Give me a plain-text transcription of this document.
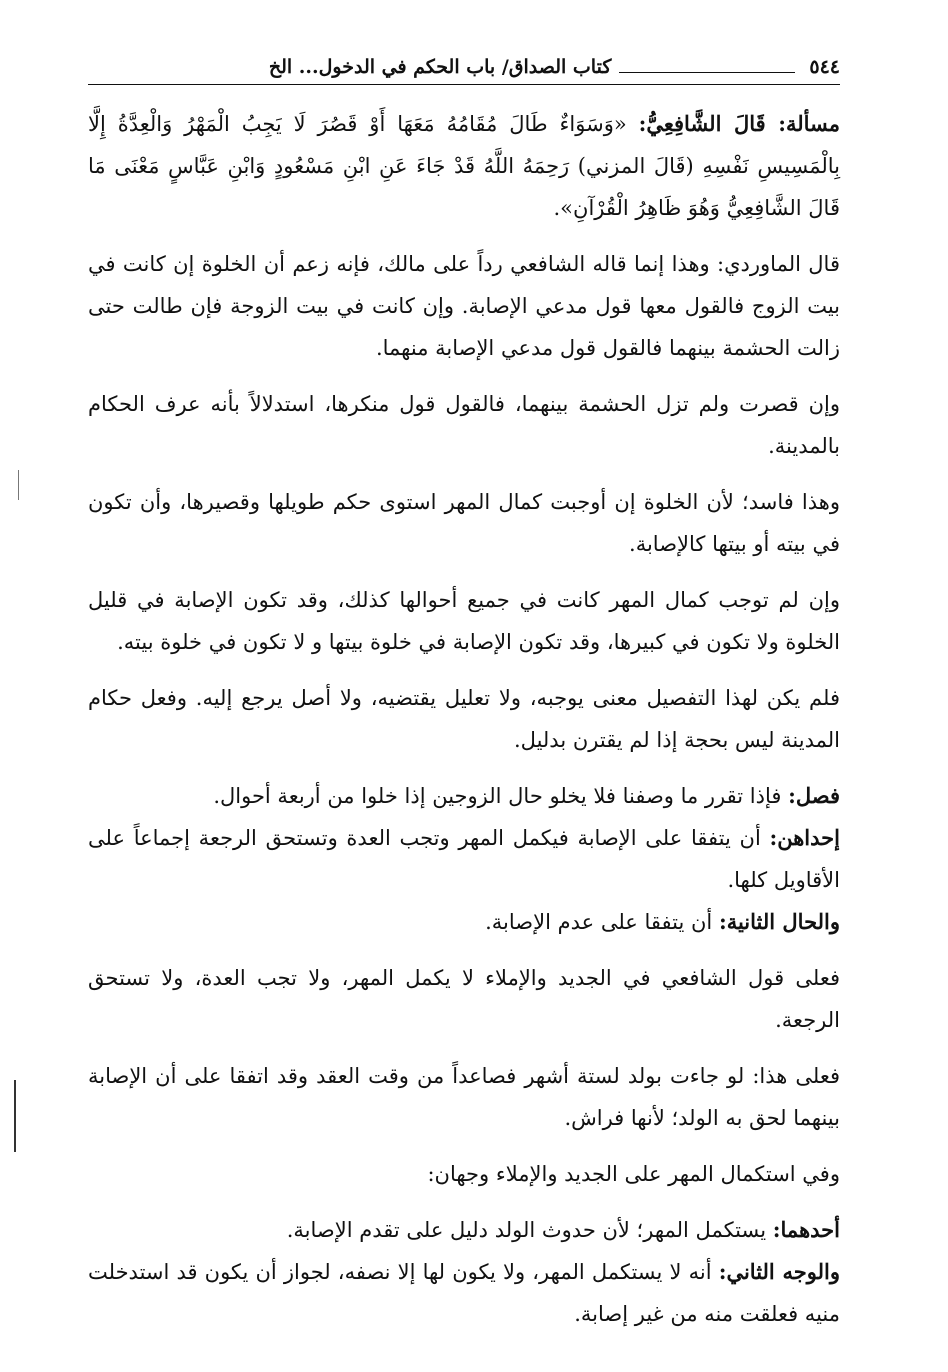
٥٤٤
كتاب الصداق/ باب الحكم في الدخول... الخ

مسألة: قَالَ الشَّافِعِيُّ: «وَسَوَاءٌ طَالَ مُقَامُهُ مَعَهَا أَوْ قَصُرَ لَا يَجِبُ الْمَهْرُ وَالْعِدَّةُ إِلَّا بِالْمَسِيسِ نَفْسِهِ (قَالَ المزني) رَحِمَهُ اللَّهُ قَدْ جَاءَ عَنِ ابْنِ مَسْعُودٍ وَابْنِ عَبَّاسٍ مَعْنَى مَا قَالَ الشَّافِعِيُّ وَهُوَ ظَاهِرُ الْقُرْآنِ».

قال الماوردي: وهذا إنما قاله الشافعي رداً على مالك، فإنه زعم أن الخلوة إن كانت في بيت الزوج فالقول معها قول مدعي الإصابة. وإن كانت في بيت الزوجة فإن طالت حتى زالت الحشمة بينهما فالقول قول مدعي الإصابة منهما.

وإن قصرت ولم تزل الحشمة بينهما، فالقول قول منكرها، استدلالاً بأنه عرف الحكام بالمدينة.

وهذا فاسد؛ لأن الخلوة إن أوجبت كمال المهر استوى حكم طويلها وقصيرها، وأن تكون في بيته أو بيتها كالإصابة.

وإن لم توجب كمال المهر كانت في جميع أحوالها كذلك، وقد تكون الإصابة في قليل الخلوة ولا تكون في كبيرها، وقد تكون الإصابة في خلوة بيتها و لا تكون في خلوة بيته.

فلم يكن لهذا التفصيل معنى يوجبه، ولا تعليل يقتضيه، ولا أصل يرجع إليه. وفعل حكام المدينة ليس بحجة إذا لم يقترن بدليل.

فصل: فإذا تقرر ما وصفنا فلا يخلو حال الزوجين إذا خلوا من أربعة أحوال.

إحداهن: أن يتفقا على الإصابة فيكمل المهر وتجب العدة وتستحق الرجعة إجماعاً على الأقاويل كلها.

والحال الثانية: أن يتفقا على عدم الإصابة.

فعلى قول الشافعي في الجديد والإملاء لا يكمل المهر، ولا تجب العدة، ولا تستحق الرجعة.

فعلى هذا: لو جاءت بولد لستة أشهر فصاعداً من وقت العقد وقد اتفقا على أن الإصابة بينهما لحق به الولد؛ لأنها فراش.

وفي استكمال المهر على الجديد والإملاء وجهان:

أحدهما: يستكمل المهر؛ لأن حدوث الولد دليل على تقدم الإصابة.

والوجه الثاني: أنه لا يستكمل المهر، ولا يكون لها إلا نصفه، لجواز أن يكون قد استدخلت منيه فعلقت منه من غير إصابة.
